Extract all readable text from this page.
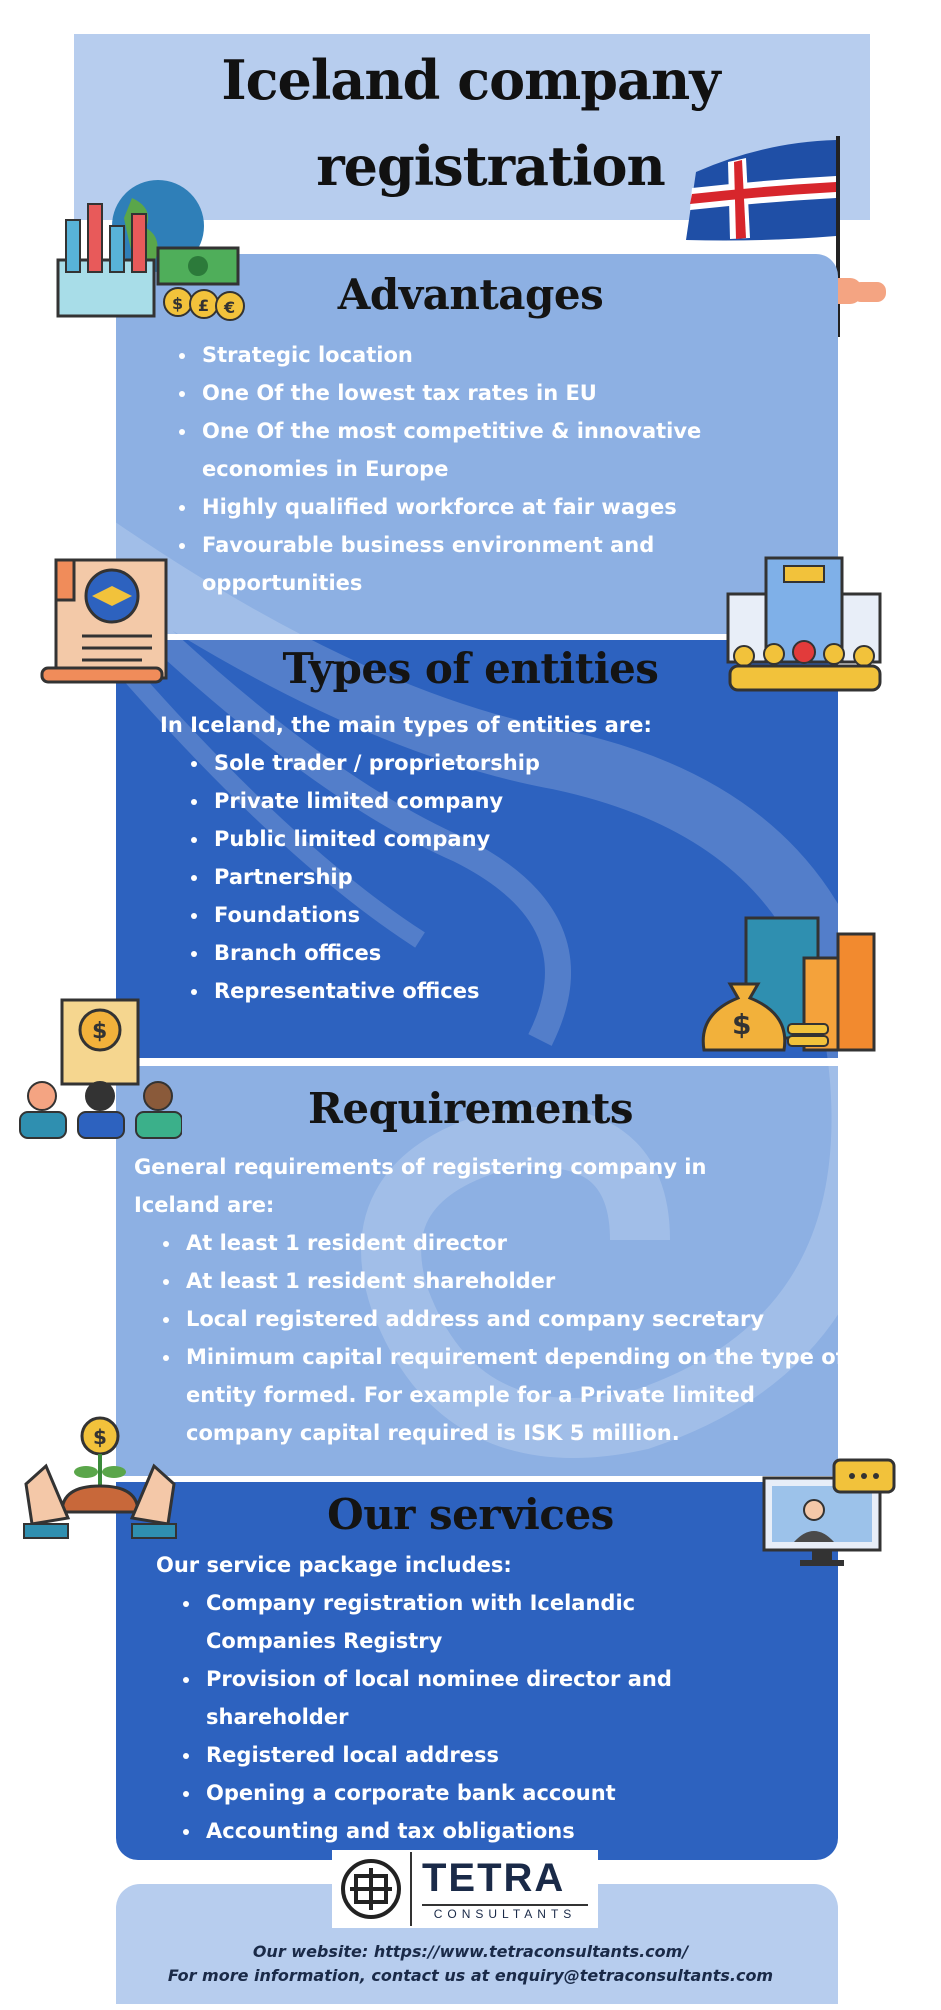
Iceland company
registration
Advantages
• Strategic location
• One Of the lowest tax rates in EU
• One Of the most competitive & innovative economies in Europe
• Highly qualified workforce at fair wages
• Favourable business environment and opportunities
$ £ €
Types of entities
In Iceland, the main types of entities are:
• Sole trader / proprietorship
• Private limited company
• Public limited company
• Partnership
• Foundations
• Branch offices
• Representative offices
$
Requirements
General requirements of registering company in Iceland are:
• At least 1 resident director
• At least 1 resident shareholder
• Local registered address and company secretary
• Minimum capital requirement depending on the type of entity formed. For example for a Private limited company capital required is ISK 5 million.
$
Our services
Our service package includes:
• Company registration with Icelandic Companies Registry
• Provision of local nominee director and shareholder
• Registered local address
• Opening a corporate bank account
• Accounting and tax obligations
$
TETRA
CONSULTANTS
Our website: https://www.tetraconsultants.com/
For more information, contact us at enquiry@tetraconsultants.com
